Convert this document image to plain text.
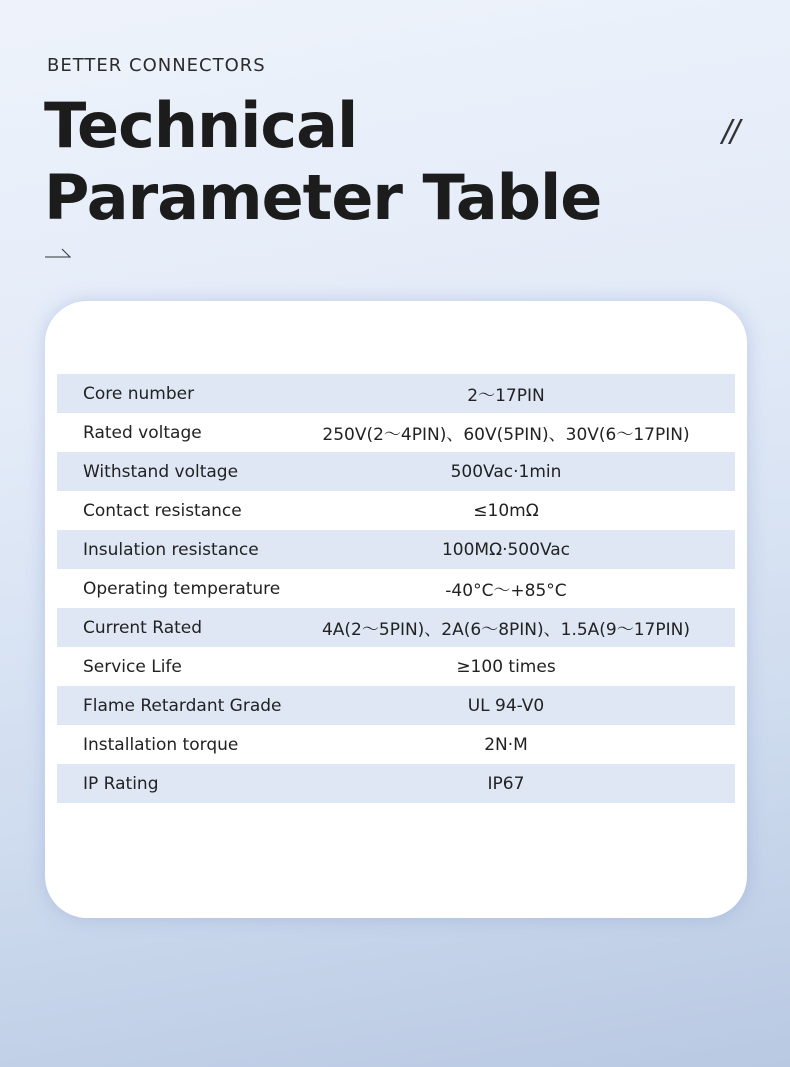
BETTER CONNECTORS
Technical
Parameter Table
//
Core number	2～17PIN
Rated voltage	250V(2～4PIN)、60V(5PIN)、30V(6～17PIN)
Withstand voltage	500Vac·1min
Contact resistance	≤10mΩ
Insulation resistance	100MΩ·500Vac
Operating temperature	-40°C～+85°C
Current Rated	4A(2～5PIN)、2A(6～8PIN)、1.5A(9～17PIN)
Service Life	≥100 times
Flame Retardant Grade	UL 94-V0
Installation torque	2N·M
IP Rating	IP67
